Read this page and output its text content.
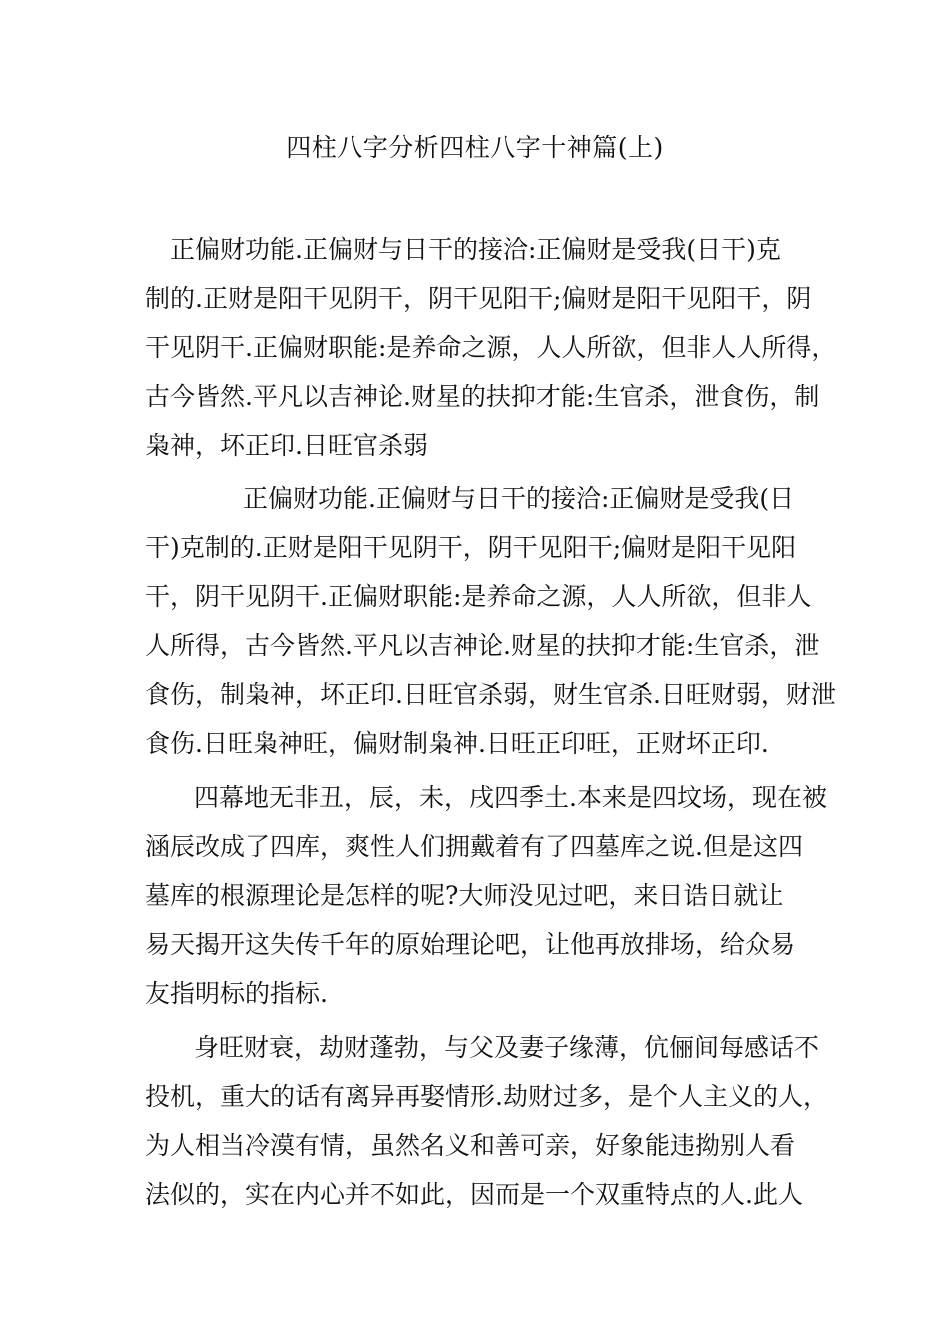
四柱八字分析四柱八字十神篇(上)
正偏财功能.正偏财与日干的接洽:正偏财是受我(日干)克
制的.正财是阳干见阴干，阴干见阳干;偏财是阳干见阳干，阴
干见阴干.正偏财职能:是养命之源，人人所欲，但非人人所得，
古今皆然.平凡以吉神论.财星的扶抑才能:生官杀，泄食伤，制
枭神，坏正印.日旺官杀弱
正偏财功能.正偏财与日干的接洽:正偏财是受我(日
干)克制的.正财是阳干见阴干，阴干见阳干;偏财是阳干见阳
干，阴干见阴干.正偏财职能:是养命之源，人人所欲，但非人
人所得，古今皆然.平凡以吉神论.财星的扶抑才能:生官杀，泄
食伤，制枭神，坏正印.日旺官杀弱，财生官杀.日旺财弱，财泄
食伤.日旺枭神旺，偏财制枭神.日旺正印旺，正财坏正印.
四幕地无非丑，辰，未，戌四季土.本来是四坟场，现在被
涵辰改成了四库，爽性人们拥戴着有了四墓库之说.但是这四
墓库的根源理论是怎样的呢?大师没见过吧，来日诰日就让
易天揭开这失传千年的原始理论吧，让他再放排场，给众易
友指明标的指标.
身旺财衰，劫财蓬勃，与父及妻子缘薄，伉俪间每感话不
投机，重大的话有离异再娶情形.劫财过多，是个人主义的人，
为人相当冷漠有情，虽然名义和善可亲，好象能违拗别人看
法似的，实在内心并不如此，因而是一个双重特点的人.此人
